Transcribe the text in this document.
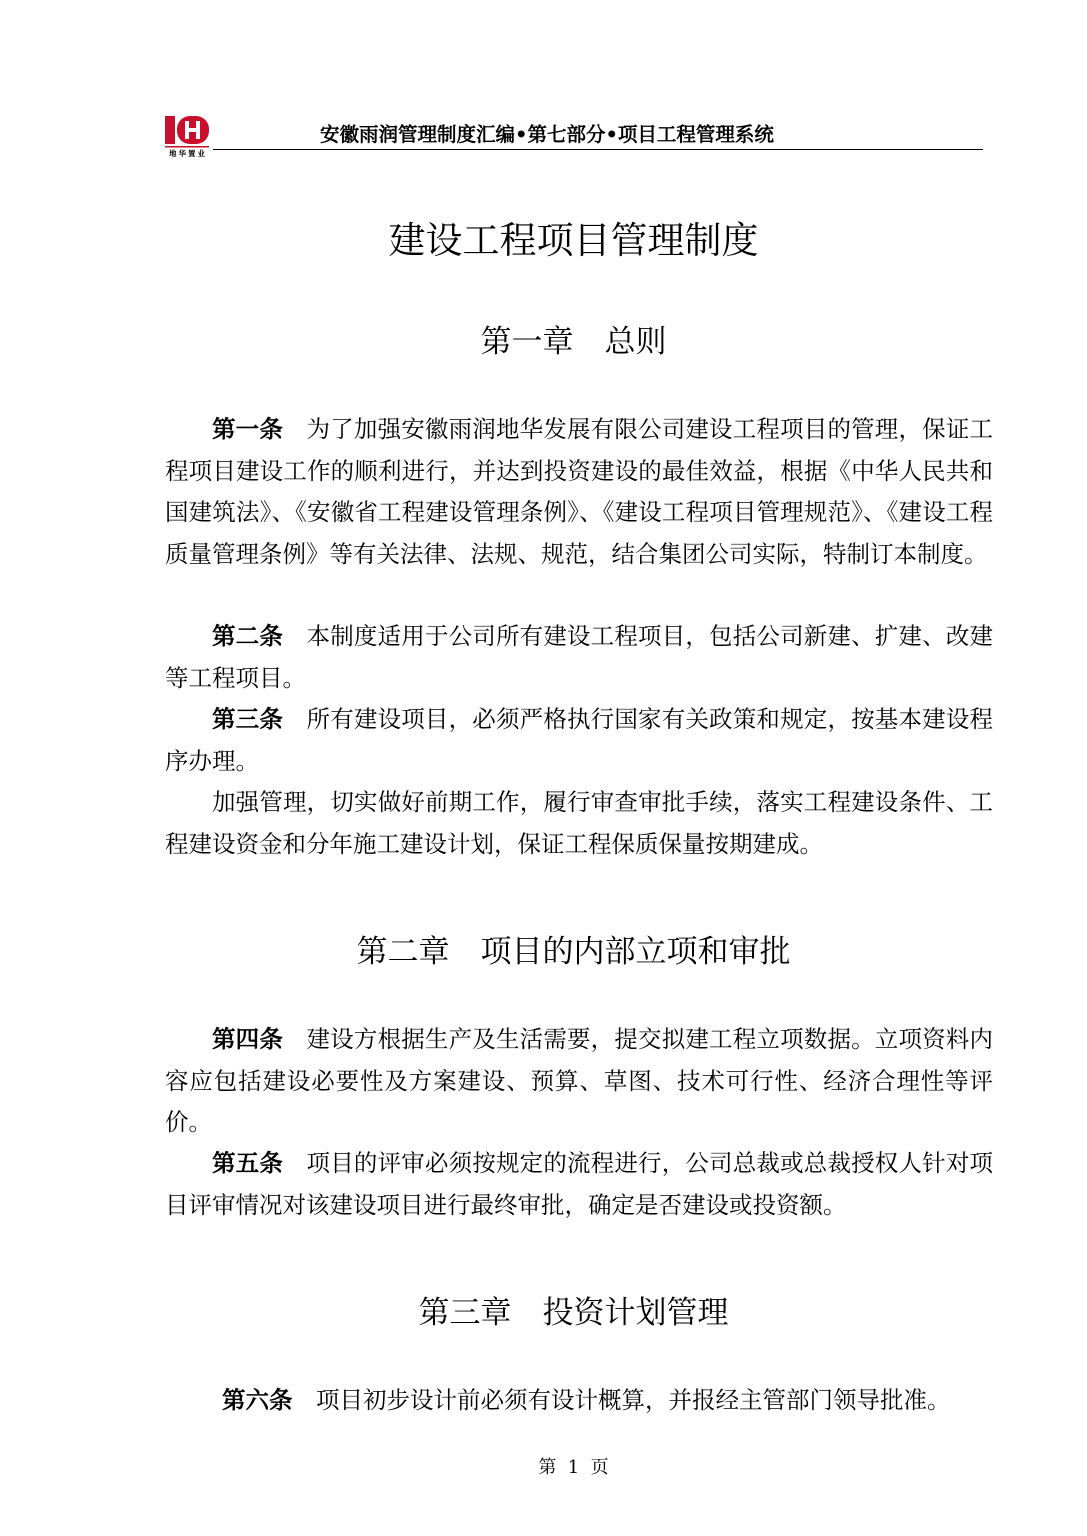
地华置业
安徽雨润管理制度汇编•第七部分•项目工程管理系统
建设工程项目管理制度
第一章　总则
第一条 为了加强安徽雨润地华发展有限公司建设工程项目的管理，保证工程项目建设工作的顺利进行，并达到投资建设的最佳效益，根据《中华人民共和国建筑法》、《安徽省工程建设管理条例》、《建设工程项目管理规范》、《建设工程质量管理条例》等有关法律、法规、规范，结合集团公司实际，特制订本制度。
第二条 本制度适用于公司所有建设工程项目，包括公司新建、扩建、改建等工程项目。
第三条 所有建设项目，必须严格执行国家有关政策和规定，按基本建设程序办理。
加强管理，切实做好前期工作，履行审查审批手续，落实工程建设条件、工程建设资金和分年施工建设计划，保证工程保质保量按期建成。
第二章　项目的内部立项和审批
第四条 建设方根据生产及生活需要，提交拟建工程立项数据。立项资料内容应包括建设必要性及方案建设、预算、草图、技术可行性、经济合理性等评价。
第五条 项目的评审必须按规定的流程进行，公司总裁或总裁授权人针对项目评审情况对该建设项目进行最终审批，确定是否建设或投资额。
第三章　投资计划管理
第六条 项目初步设计前必须有设计概算，并报经主管部门领导批准。
第  1  页
